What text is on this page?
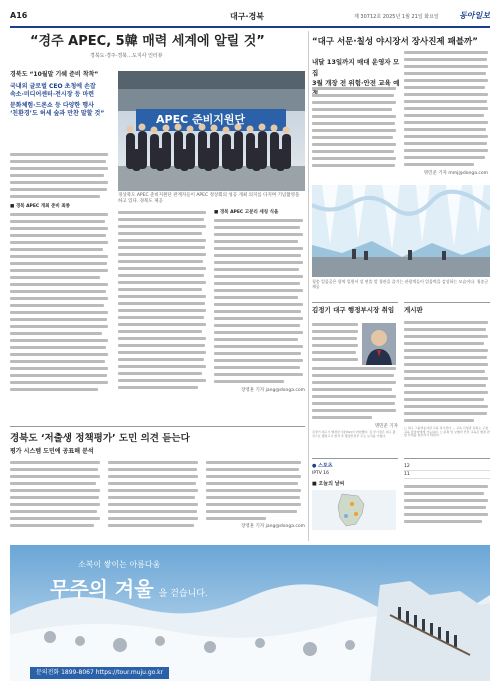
A16	대구·경북	제 30712호 2025년 1월 21일 화요일	동아일보
“경주 APEC, 5韓 매력 세계에 알릴 것”
경북도·경주·경북…도지사 인터뷰
경북도 “10월말 기쉐 준비 착착”
국내외 글로벌 CEO 초청에 손잡
속소·미디어센터·전시장 등 마련
문화체험·드론쇼 등 다양한 행사
‘친환경’도 허세 숲과 만찬 말할 것”
■ 경북 APEC 개최 준비 최종
APEC 준비지원단
경상북도 APEC 준비지원단 관계자들이 APEC 정상회의 성공 개최 의지를 다지며 기념촬영을 하고 있다. 경북도 제공
■ 경북 APEC 고분리 세칭 식을
장영훈 기자 jang@donga.com
경북도 ‘저출생 정책평가’ 도민 의견 듣는다
평가 시스템 도민에 공표해 분석
장영훈 기자 jang@donga.com
“대구 서문·칠성 야시장서 장사진제 패블까”
내달 13일까지 매대 운영자 모집
3월 개장 전 위험·안전 교육 예
명민준 기자 mmj@donga.com
청송 얼음골은 광역 일원서 설 연휴 앞 경관을 즐기는 관광객들이 얼음벽을 감상하는 모습이다. 청송군 제공
김정기 대구 행정부시장 취임
명민준 기자
김정기 대구시 행정부시장(52)이 취임했다. 김 부시장은 대구 출신으로 행정고시 합격 후 행정안전부 주요 보직을 거쳤다.
게시판
□ 대구 그룹영동여관 교육 실시한다 — 교육 신청과 문의는 구청 교육 담당자에게 가능하다. □ 분축 및 보행자 안전 교육은 행정 관할 안내를 참조하기 바란다.
● 스포츠
IPTV 16
■ 오늘의 날씨
12
11
소복이 쌓이는 아름다움
무주의 겨울 을 걷습니다.
문의전화 1899-8067 https://tour.muju.go.kr
